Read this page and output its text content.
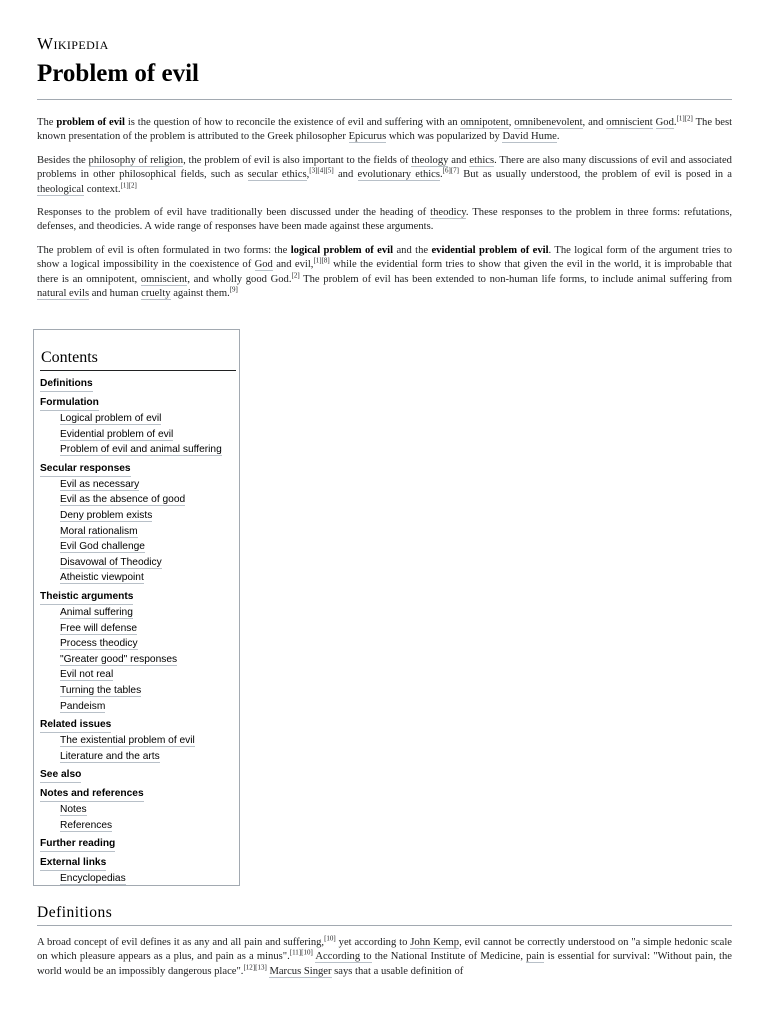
Wikipedia
Problem of evil

The problem of evil is the question of how to reconcile the existence of evil and suffering with an omnipotent, omnibenevolent, and omniscient God.[1][2] The best known presentation of the problem is attributed to the Greek philosopher Epicurus which was popularized by David Hume.

Besides the philosophy of religion, the problem of evil is also important to the fields of theology and ethics. There are also many discussions of evil and associated problems in other philosophical fields, such as secular ethics,[3][4][5] and evolutionary ethics.[6][7] But as usually understood, the problem of evil is posed in a theological context.[1][2]

Responses to the problem of evil have traditionally been discussed under the heading of theodicy. These responses to the problem in three forms: refutations, defenses, and theodicies. A wide range of responses have been made against these arguments.

The problem of evil is often formulated in two forms: the logical problem of evil and the evidential problem of evil. The logical form of the argument tries to show a logical impossibility in the coexistence of God and evil,[1][8] while the evidential form tries to show that given the evil in the world, it is improbable that there is an omnipotent, omniscient, and wholly good God.[2] The problem of evil has been extended to non-human life forms, to include animal suffering from natural evils and human cruelty against them.[9]

Contents
Definitions
Formulation
Logical problem of evil
Evidential problem of evil
Problem of evil and animal suffering
Secular responses
Evil as necessary
Evil as the absence of good
Deny problem exists
Moral rationalism
Evil God challenge
Disavowal of Theodicy
Atheistic viewpoint
Theistic arguments
Animal suffering
Free will defense
Process theodicy
"Greater good" responses
Evil not real
Turning the tables
Pandeism
Related issues
The existential problem of evil
Literature and the arts
See also
Notes and references
Notes
References
Further reading
External links
Encyclopedias
Definitions
A broad concept of evil defines it as any and all pain and suffering,[10] yet according to John Kemp, evil cannot be correctly understood on "a simple hedonic scale on which pleasure appears as a plus, and pain as a minus".[11][10] According to the National Institute of Medicine, pain is essential for survival: "Without pain, the world would be an impossibly dangerous place".[12][13] Marcus Singer says that a usable definition of
